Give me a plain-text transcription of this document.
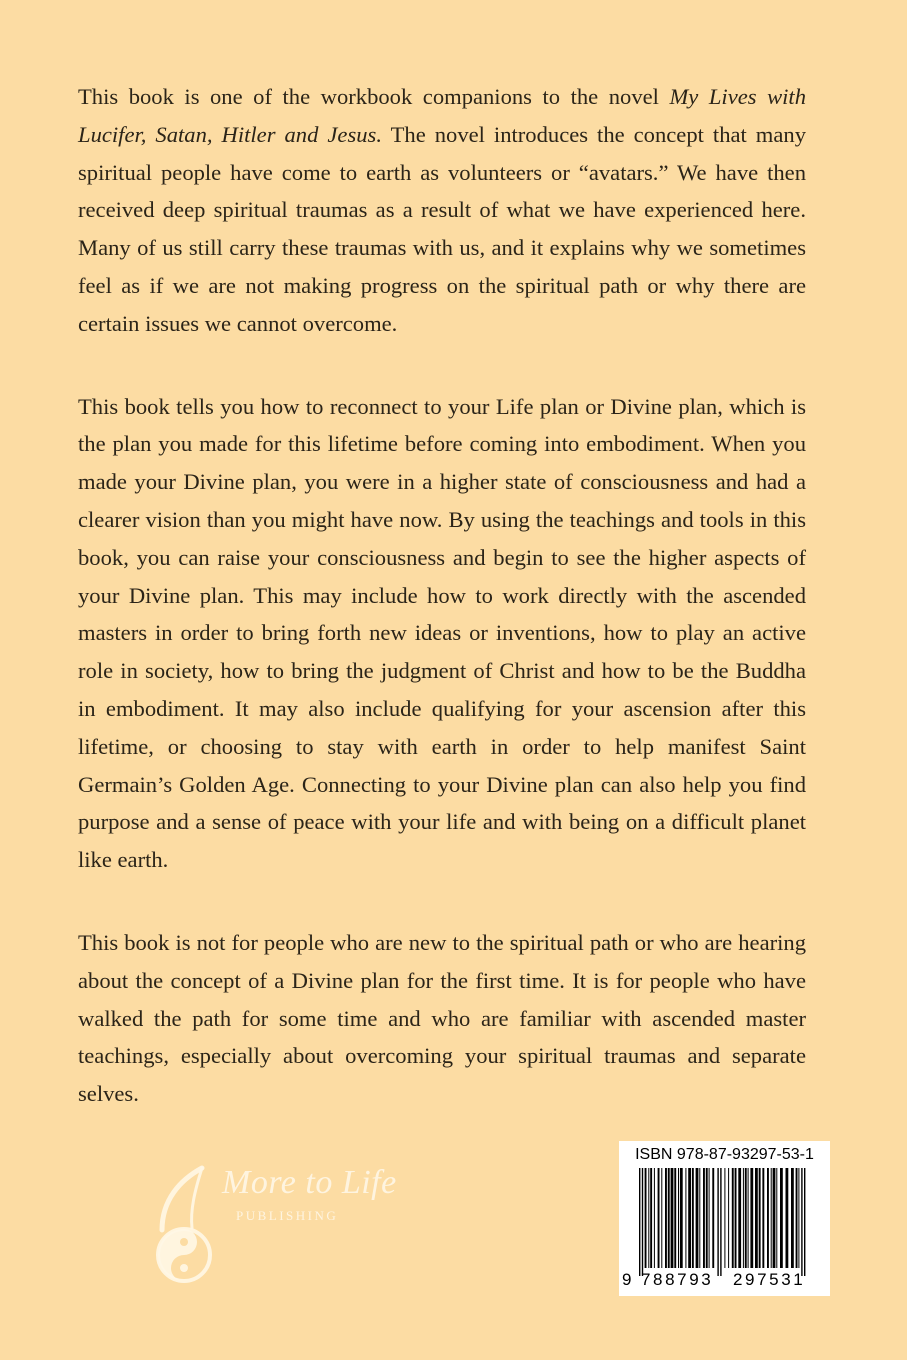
This book is one of the workbook companions to the novel My Lives with Lucifer, Satan, Hitler and Jesus. The novel introduces the concept that many spiritual people have come to earth as volunteers or “avatars.” We have then received deep spiritual traumas as a result of what we have experienced here. Many of us still carry these traumas with us, and it explains why we sometimes feel as if we are not making progress on the spiritual path or why there are certain issues we cannot overcome.

This book tells you how to reconnect to your Life plan or Divine plan, which is the plan you made for this lifetime before coming into embodiment. When you made your Divine plan, you were in a higher state of consciousness and had a clearer vision than you might have now. By using the teachings and tools in this book, you can raise your consciousness and begin to see the higher aspects of your Divine plan. This may include how to work directly with the ascended masters in order to bring forth new ideas or inventions, how to play an active role in society, how to bring the judgment of Christ and how to be the Buddha in embodiment. It may also include qualifying for your ascension after this lifetime, or choosing to stay with earth in order to help manifest Saint Germain’s Golden Age. Connecting to your Divine plan can also help you find purpose and a sense of peace with your life and with being on a difficult planet like earth.

This book is not for people who are new to the spiritual path or who are hearing about the concept of a Divine plan for the first time. It is for people who have walked the path for some time and who are familiar with ascended master teachings, especially about overcoming your spiritual traumas and separate selves.

More to Life
PUBLISHING
ISBN 978-87-93297-53-1
9 788793 297531
